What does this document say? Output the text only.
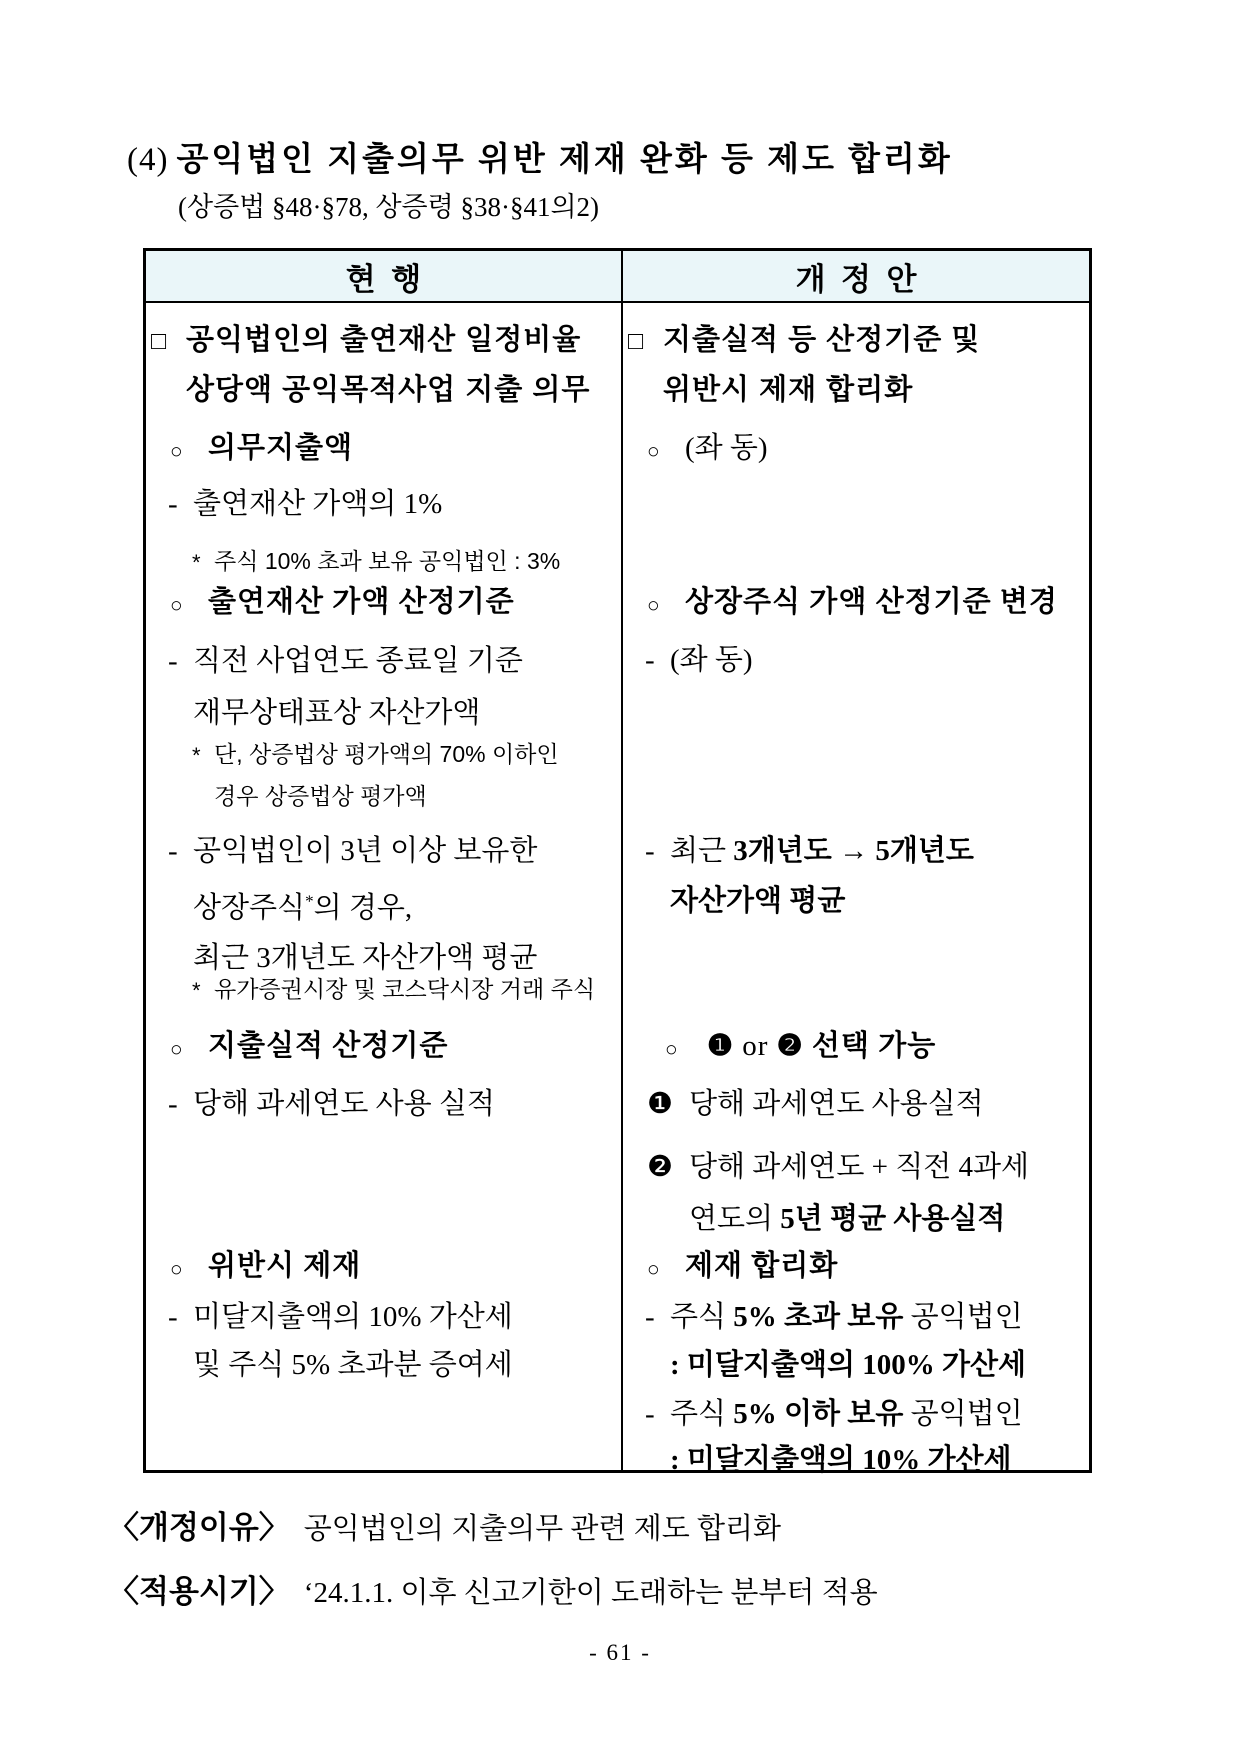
(4) 공익법인 지출의무 위반 제재 완화 등 제도 합리화
(상증법 §48·§78, 상증령 §38·§41의2)
현  행	개  정  안
□ 공익법인의 출연재산 일정비율
상당액 공익목적사업 지출 의무
○ 의무지출액
- 출연재산 가액의 1%
* 주식 10% 초과 보유 공익법인 : 3%
○ 출연재산 가액 산정기준
- 직전 사업연도 종료일 기준
재무상태표상 자산가액
* 단, 상증법상 평가액의 70% 이하인
경우 상증법상 평가액
- 공익법인이 3년 이상 보유한
상장주식*의 경우,
최근 3개년도 자산가액 평균
* 유가증권시장 및 코스닥시장 거래 주식
○ 지출실적 산정기준
- 당해 과세연도 사용 실적
○ 위반시 제재
- 미달지출액의 10% 가산세
및 주식 5% 초과분 증여세
□ 지출실적 등 산정기준 및
위반시 제재 합리화
○ (좌 동)
○ 상장주식 가액 산정기준 변경
- (좌 동)
- 최근 3개년도 → 5개년도
자산가액 평균
○ ❶ or ❷ 선택 가능
❶ 당해 과세연도 사용실적
❷ 당해 과세연도 + 직전 4과세
연도의 5년 평균 사용실적
○ 제재 합리화
- 주식 5% 초과 보유 공익법인
: 미달지출액의 100% 가산세
- 주식 5% 이하 보유 공익법인
: 미달지출액의 10% 가산세
〈개정이유〉 공익법인의 지출의무 관련 제도 합리화
〈적용시기〉 ‘24.1.1. 이후 신고기한이 도래하는 분부터 적용
- 61 -
